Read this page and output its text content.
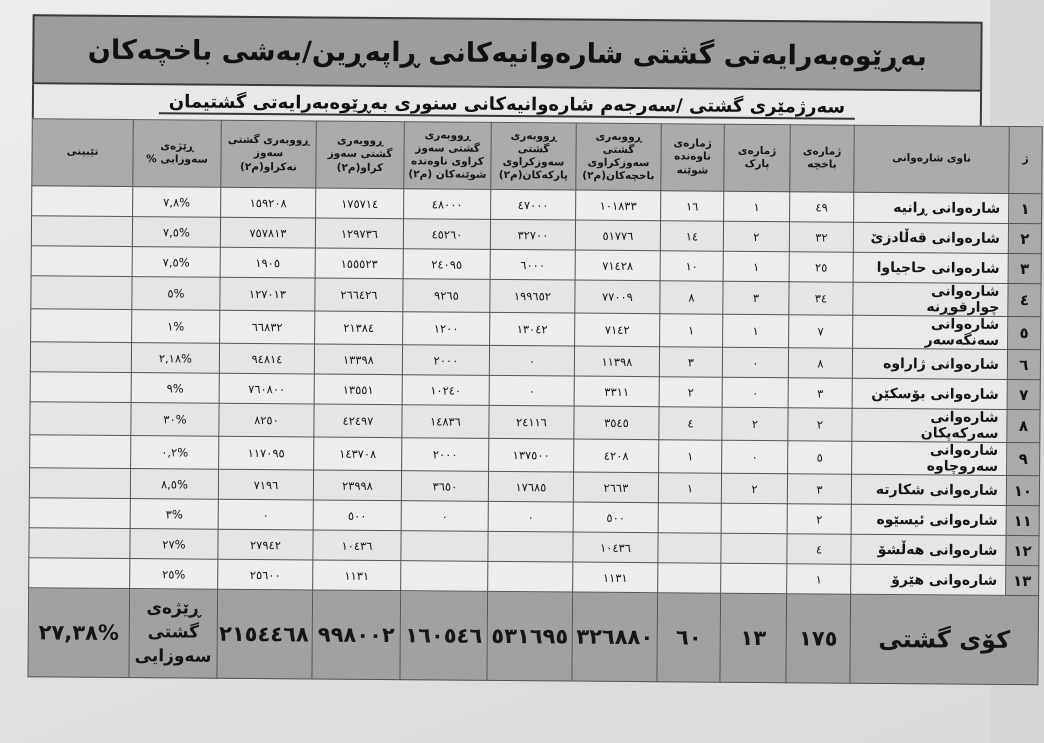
بەڕێوەبەرایەتی گشتی شارەوانیەکانی ڕاپەڕین/بەشی باخچەکان
سەرژمێری گشتی /سەرجەم شارەوانیەکانی سنوری بەڕێوەبەرایەتی گشتیمان
ژ	ناوی شارەوانی	ژمارەی باخچە	ژمارەی پارک	ژمارەی ناوەندە شوێنە	ڕووبەری گشتی سەوزکراوی باخچەکان(م٢)	ڕووبەری گشتی سەوزکراوی پارکەکان(م٢)	ڕووبەری گشتی سەوز کراوی ناوەندە شوێنەکان (م٢)	ڕووبەری گشتی سەوز کراو(م٢)	ڕووبەری گشتی سەوز نەکراو(م٢)	ڕێژەی سەوزایی %	تێبینی
١	شارەوانی ڕانیە	٤٩	١	١٦	١٠١٨٣٣	٤٧٠٠٠	٤٨٠٠٠	١٧٥٧١٤	١٥٩٢٠٨	%٧,٨	
٢	شارەوانی قەڵادزێ	٣٢	٢	١٤	٥١٧٧٦	٣٢٧٠٠	٤٥٢٦٠	١٢٩٧٣٦	٧٥٧٨١٣	%٧,٥	
٣	شارەوانی حاجیاوا	٢٥	١	١٠	٧١٤٢٨	٦٠٠٠	٢٤٠٩٥	١٥٥٥٢٣	١٩٠٥	%٧,٥	
٤	شارەوانی چوارقوڕنە	٣٤	٣	٨	٧٧٠٠٩	١٩٩٦٥٢	٩٢٦٥	٢٦٦٤٢٦	١٢٧٠١٣	%٥	
٥	شارەوانی سەنگەسەر	٧	١	١	٧١٤٢	١٣٠٤٢	١٢٠٠	٢١٣٨٤	٦٦٨٣٢	%١	
٦	شارەوانی ژاراوە	٨	٠	٣	١١٣٩٨	٠	٢٠٠٠	١٣٣٩٨	٩٤٨١٤	%٢,١٨	
٧	شارەوانی بۆسکێن	٣	٠	٢	٣٣١١	٠	١٠٢٤٠	١٣٥٥١	٧٦٠٨٠٠	%٩	
٨	شارەوانی سەرکەپکان	٢	٢	٤	٣٥٤٥	٢٤١١٦	١٤٨٣٦	٤٢٤٩٧	٨٢٥٠	%٣٠	
٩	شارەوانی سەروچاوە	٥	٠	١	٤٢٠٨	١٣٧٥٠٠	٢٠٠٠	١٤٣٧٠٨	١١٧٠٩٥	%٠,٢	
١٠	شارەوانی شکارتە	٣	٢	١	٢٦٦٣	١٧٦٨٥	٣٦٥٠	٢٣٩٩٨	٧١٩٦	%٨,٥	
١١	شارەوانی ئیسێوە	٢			٥٠٠	٠	٠	٥٠٠	٠	%٣	
١٢	شارەوانی هەڵشۆ	٤			١٠٤٣٦			١٠٤٣٦	٢٧٩٤٢	%٢٧	
١٣	شارەوانی هێرۆ	١			١١٣١			١١٣١	٢٥٦٠٠	%٢٥	
کۆی گشتی		١٧٥	١٣	٦٠	٣٢٦٨٨٠	٥٣١٦٩٥	١٦٠٥٤٦	٩٩٨٠٠٢	٢١٥٤٤٦٨	ڕێژەی گشتی سەوزایی	%٢٧,٣٨
